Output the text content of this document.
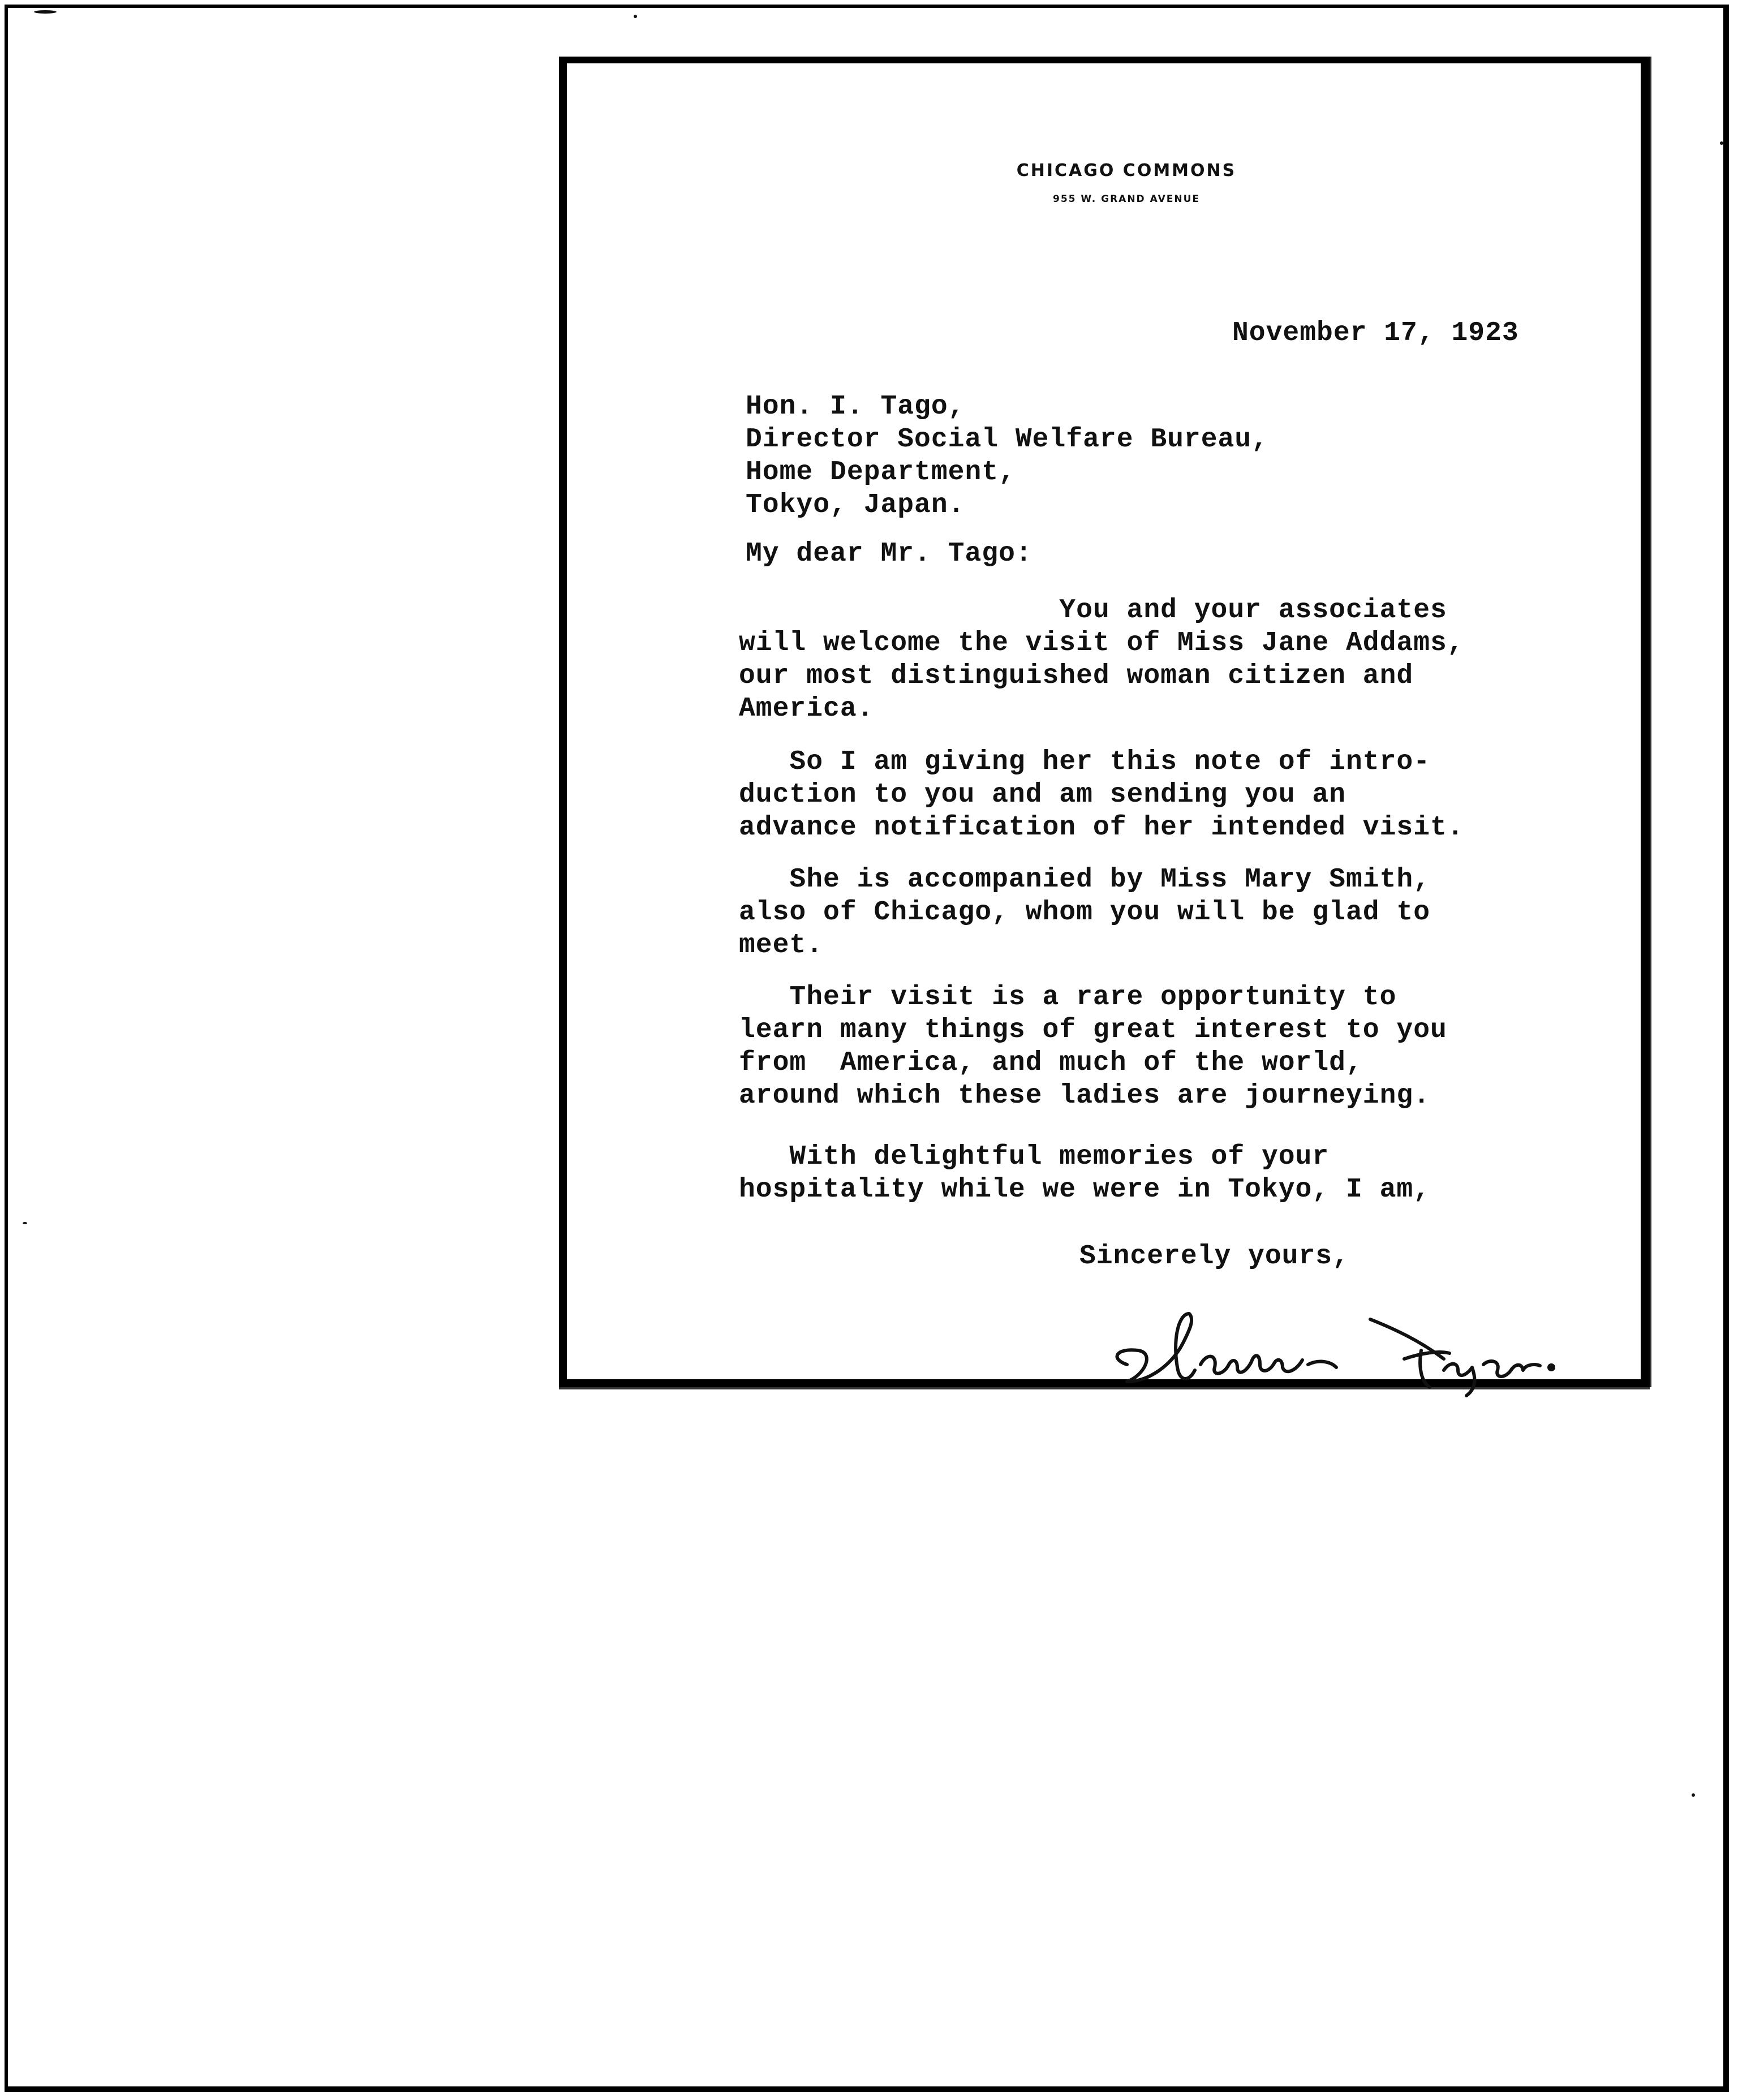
CHICAGO COMMONS
955 W. GRAND AVENUE
November 17, 1923
Hon. I. Tago,
Director Social Welfare Bureau,
Home Department,
Tokyo, Japan.
My dear Mr. Tago:
You and your associates
will welcome the visit of Miss Jane Addams,
our most distinguished woman citizen and
America.
So I am giving her this note of intro-
duction to you and am sending you an
advance notification of her intended visit.
She is accompanied by Miss Mary Smith,
also of Chicago, whom you will be glad to
meet.
Their visit is a rare opportunity to
learn many things of great interest to you
from  America, and much of the world,
around which these ladies are journeying.
With delightful memories of your
hospitality while we were in Tokyo, I am,
Sincerely yours,
